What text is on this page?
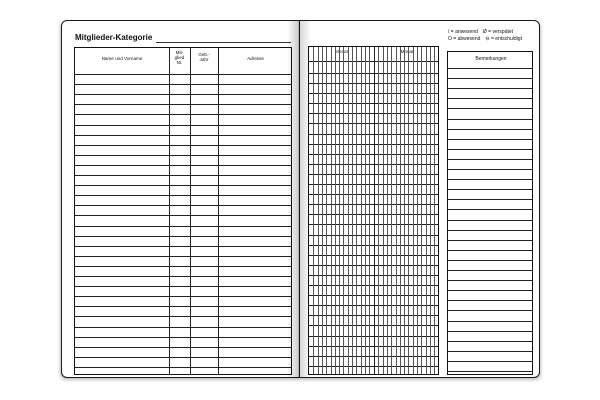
Mitglieder-Kategorie
Name und Vorname
Mit-
glied
Nr.
Geb.-
Jahr	Adresse
Monat	Monat
/ = anwesend Ø = verspätet
O = abwesend ⊖ = entschuldigt
Bemerkungen
